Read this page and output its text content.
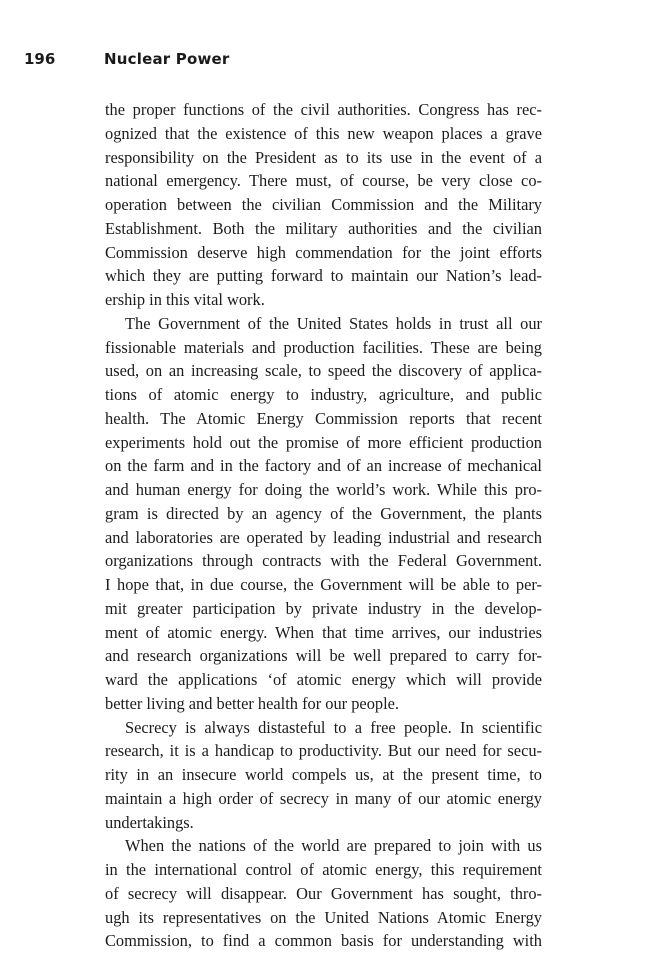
196	Nuclear Power
the proper functions of the civil authorities. Congress has rec-
ognized that the existence of this new weapon places a grave
responsibility on the President as to its use in the event of a
national emergency. There must, of course, be very close co-
operation between the civilian Commission and the Military
Establishment. Both the military authorities and the civilian
Commission deserve high commendation for the joint efforts
which they are putting forward to maintain our Nation’s lead-
ership in this vital work.
The Government of the United States holds in trust all our
fissionable materials and production facilities. These are being
used, on an increasing scale, to speed the discovery of applica-
tions of atomic energy to industry, agriculture, and public
health. The Atomic Energy Commission reports that recent
experiments hold out the promise of more efficient production
on the farm and in the factory and of an increase of mechanical
and human energy for doing the world’s work. While this pro-
gram is directed by an agency of the Government, the plants
and laboratories are operated by leading industrial and research
organizations through contracts with the Federal Government.
I hope that, in due course, the Government will be able to per-
mit greater participation by private industry in the develop-
ment of atomic energy. When that time arrives, our industries
and research organizations will be well prepared to carry for-
ward the applications ‘of atomic energy which will provide
better living and better health for our people.
Secrecy is always distasteful to a free people. In scientific
research, it is a handicap to productivity. But our need for secu-
rity in an insecure world compels us, at the present time, to
maintain a high order of secrecy in many of our atomic energy
undertakings.
When the nations of the world are prepared to join with us
in the international control of atomic energy, this requirement
of secrecy will disappear. Our Government has sought, thro-
ugh its representatives on the United Nations Atomic Energy
Commission, to find a common basis for understanding with
